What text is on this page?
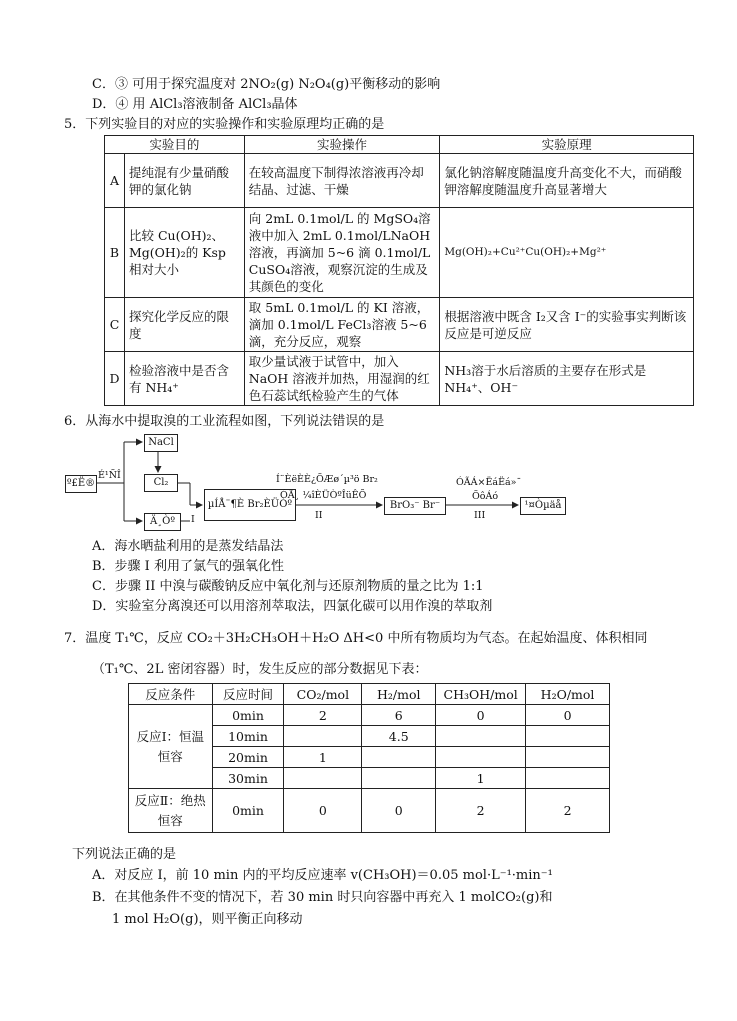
C．③ 可用于探究温度对 2NO₂(g) N₂O₄(g)平衡移动的影响
D．④ 用 AlCl₃溶液制备 AlCl₃晶体
5．下列实验目的对应的实验操作和实验原理均正确的是
实验目的		实验操作	实验原理
A	提纯混有少量硝酸钾的氯化钠	在较高温度下制得浓溶液再冷却结晶、过滤、干燥	氯化钠溶解度随温度升高变化不大，而硝酸钾溶解度随温度升高显著增大
B	比较 Cu(OH)₂、Mg(OH)₂的 Ksp 相对大小	向 2mL 0.1mol/L 的 MgSO₄溶液中加入 2mL 0.1mol/LNaOH 溶液，再滴加 5~6 滴 0.1mol/L CuSO₄溶液，观察沉淀的生成及其颜色的变化	Mg(OH)₂+Cu²⁺Cu(OH)₂+Mg²⁺
C	探究化学反应的限度	取 5mL 0.1mol/L 的 KI 溶液，滴加 0.1mol/L FeCl₃溶液 5~6 滴，充分反应，观察	根据溶液中既含 I₂又含 I⁻的实验事实判断该反应是可逆反应
D	检验溶液中是否含有 NH₄⁺	取少量试液于试管中，加入 NaOH 溶液并加热，用湿润的红色石蕊试纸检验产生的气体	NH₃溶于水后溶质的主要存在形式是 NH₄⁺、OH⁻
6．从海水中提取溴的工业流程如图，下列说法错误的是
º£Ë®
É¹ÑÎ
NaCl
Cl₂
Ä¸Òº	I
µÍÅ¨¶È Br₂ÈÜÒº
Í¨ÈëÈÈ¿ÕÆø´µ³ö Br₂
ÓÃ¸ ¼îÈÜÒºÎüÊÕ
II
BrO₃⁻ Br⁻
ÓÃÁ×ËáËá»¯
ÕôÁó
III
¹¤Òµäå
A．海水晒盐利用的是蒸发结晶法
B．步骤 I 利用了氯气的强氧化性
C．步骤 II 中溴与碳酸钠反应中氧化剂与还原剂物质的量之比为 1:1
D．实验室分离溴还可以用溶剂萃取法，四氯化碳可以用作溴的萃取剂
7．温度 T₁℃，反应 CO₂＋3H₂CH₃OH＋H₂O ΔH<0 中所有物质均为气态。在起始温度、体积相同
（T₁℃、2L 密闭容器）时，发生反应的部分数据见下表：
反应条件	反应时间	CO₂/mol	H₂/mol	CH₃OH/mol	H₂O/mol
反应Ⅰ：恒温恒容	0min	2	6	0	0
	10min		4.5		
	20min	1			
	30min			1	
反应Ⅱ：绝热恒容	0min	0	0	2	2
下列说法正确的是
A．对反应 I，前 10 min 内的平均反应速率 v(CH₃OH)＝0.05 mol·L⁻¹·min⁻¹
B．在其他条件不变的情况下，若 30 min 时只向容器中再充入 1 molCO₂(g)和
1 mol H₂O(g)，则平衡正向移动
